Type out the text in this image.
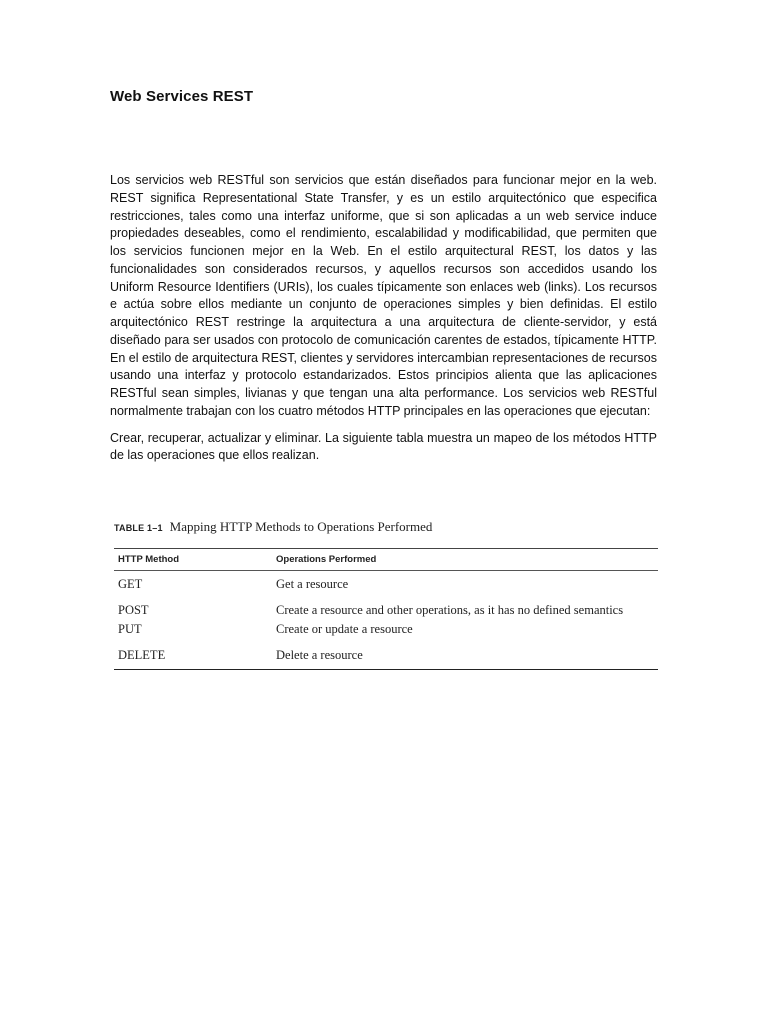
Web Services REST

Los servicios web RESTful son servicios que están diseñados para funcionar mejor en la web. REST significa Representational State Transfer, y es un estilo arquitectónico que especifica restricciones, tales como una interfaz uniforme, que si son aplicadas a un web service induce propiedades deseables, como el rendimiento, escalabilidad y modificabilidad, que permiten que los servicios funcionen mejor en la Web. En el estilo arquitectural REST, los datos y las funcionalidades son considerados recursos, y aquellos recursos son accedidos usando los Uniform Resource Identifiers (URIs), los cuales típicamente son enlaces web (links). Los recursos e actúa sobre ellos mediante un conjunto de operaciones simples y bien definidas. El estilo arquitectónico REST restringe la arquitectura a una arquitectura de cliente-servidor, y está diseñado para ser usados con protocolo de comunicación carentes de estados, típicamente HTTP. En el estilo de arquitectura REST, clientes y servidores intercambian representaciones de recursos usando una interfaz y protocolo estandarizados. Estos principios alienta que las aplicaciones RESTful sean simples, livianas y que tengan una alta performance. Los servicios web RESTful normalmente trabajan con los cuatro métodos HTTP principales en las operaciones que ejecutan:

Crear, recuperar, actualizar y eliminar. La siguiente tabla muestra un mapeo de los métodos HTTP de las operaciones que ellos realizan.

TABLE 1–1 Mapping HTTP Methods to Operations Performed
HTTP Method	Operations Performed
GET	Get a resource
POST	Create a resource and other operations, as it has no defined semantics
PUT	Create or update a resource
DELETE	Delete a resource
